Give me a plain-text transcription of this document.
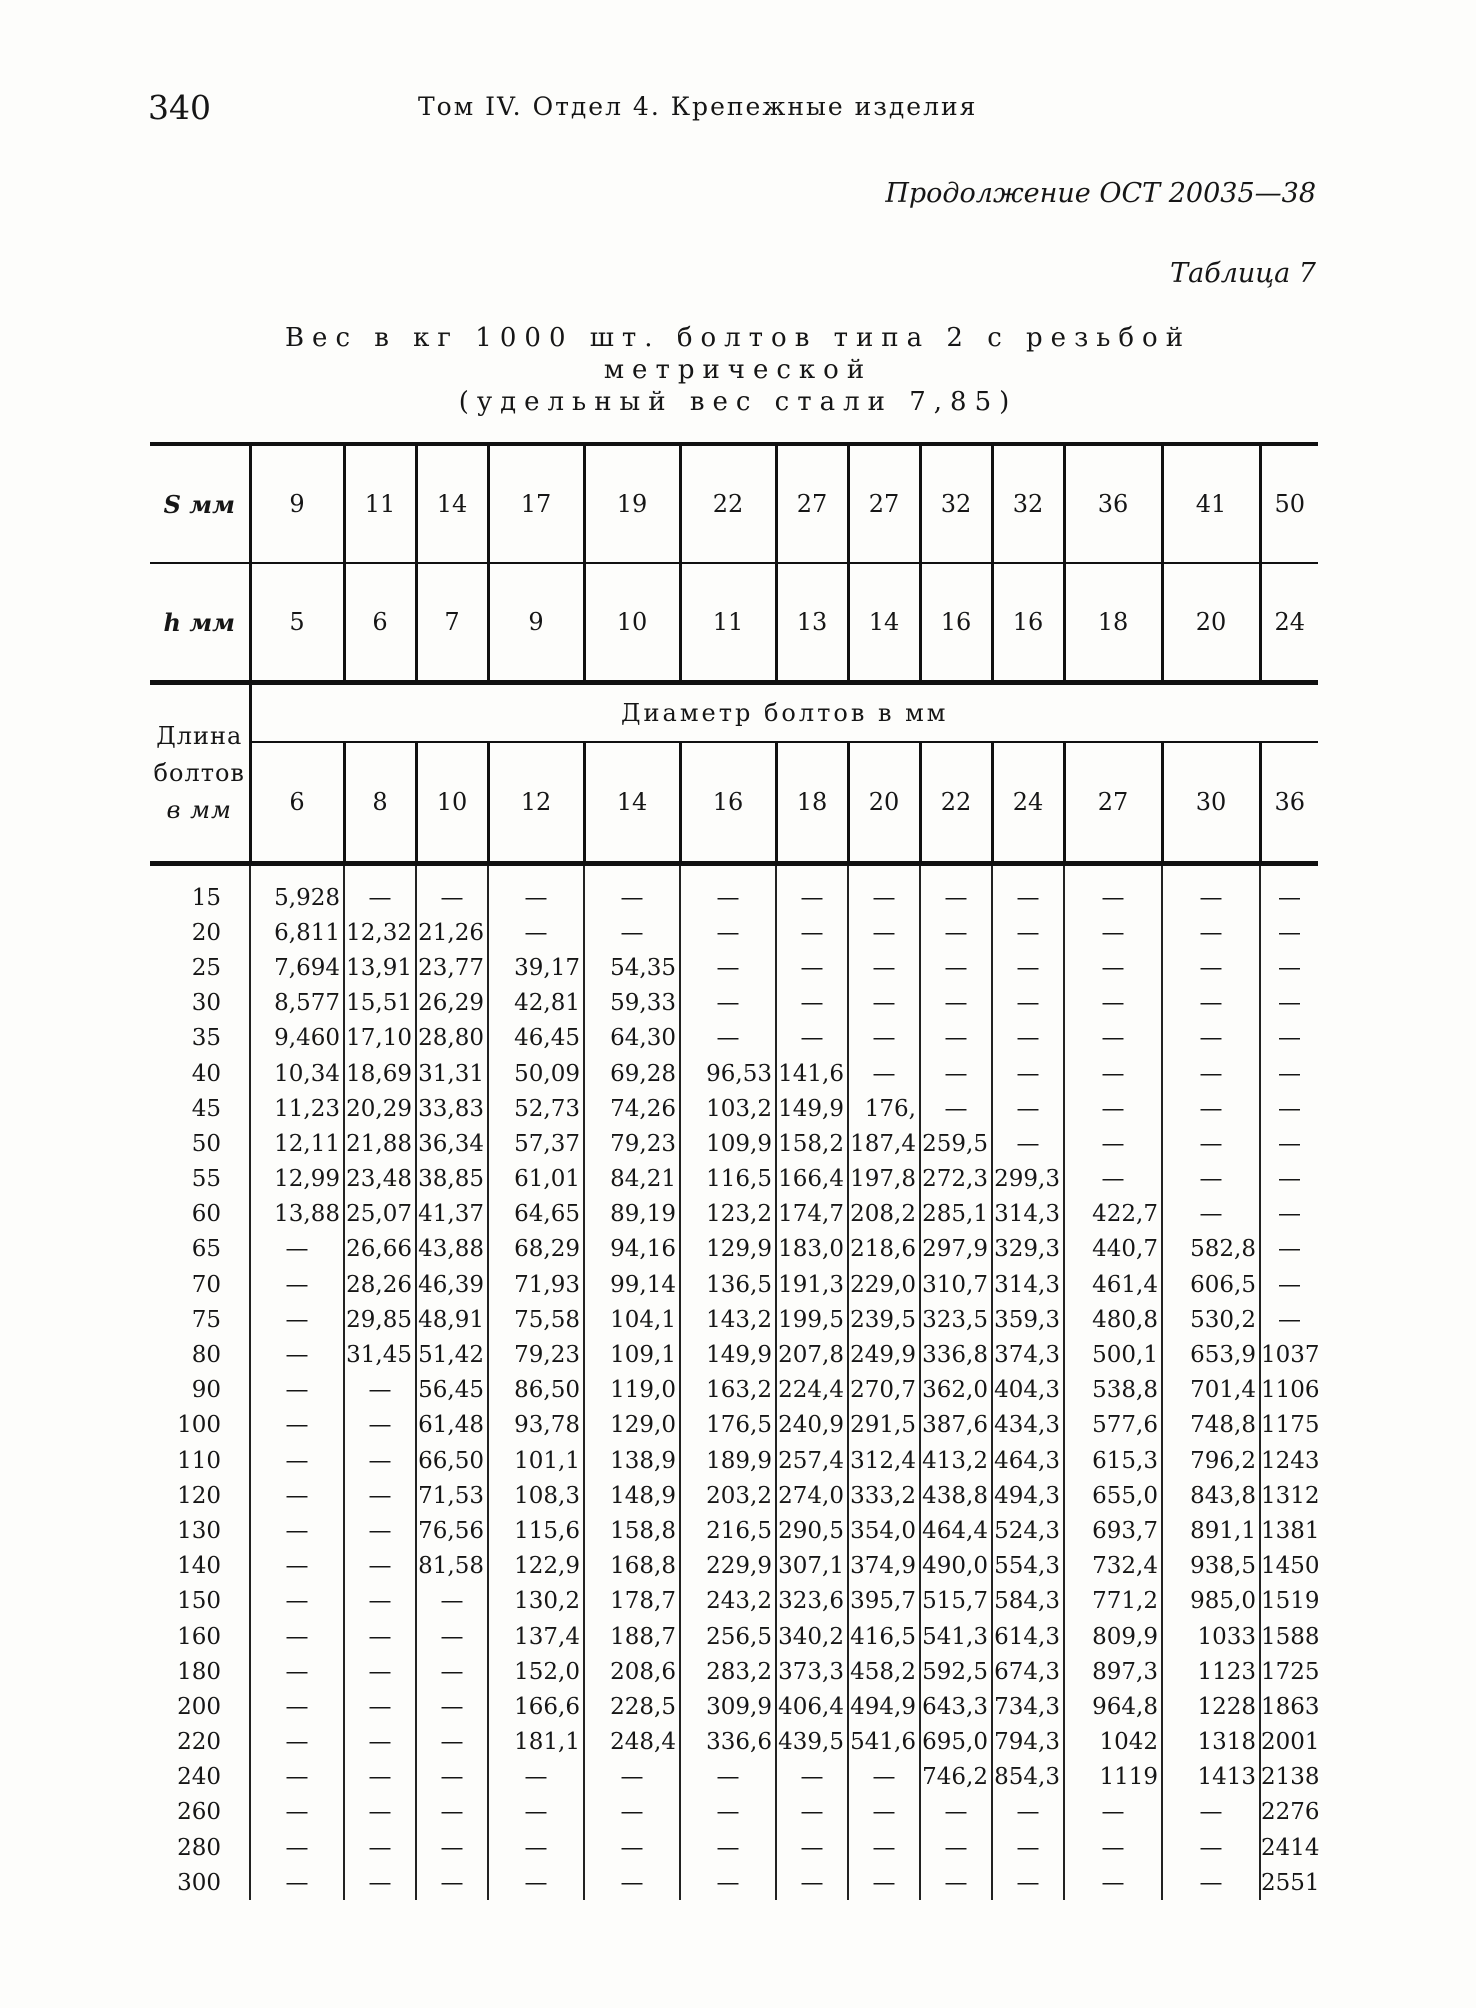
340	Том IV. Отдел 4. Крепежные изделия
Продолжение ОСТ 20035—38
Таблица 7
Вес в кг 1000 шт. болтов типа 2 с резьбой метрической
(удельный вес стали 7,85)

S мм	9	11	14	17	19	22	27	27	32	32	36	41	50
h мм	5	6	7	9	10	11	13	14	16	16	18	20	24

Длина
болтов
в мм	Диаметр болтов в мм												
	6	8	10	12	14	16	18	20	22	24	27	30	36
15	5,928	—	—	—	—	—	—	—	—	—	—	—	—
20	6,811	12,32	21,26	—	—	—	—	—	—	—	—	—	—
25	7,694	13,91	23,77	39,17	54,35	—	—	—	—	—	—	—	—
30	8,577	15,51	26,29	42,81	59,33	—	—	—	—	—	—	—	—
35	9,460	17,10	28,80	46,45	64,30	—	—	—	—	—	—	—	—
40	10,34	18,69	31,31	50,09	69,28	96,53	141,6	—	—	—	—	—	—
45	11,23	20,29	33,83	52,73	74,26	103,2	149,9	176,	—	—	—	—	—
50	12,11	21,88	36,34	57,37	79,23	109,9	158,2	187,4	259,5	—	—	—	—
55	12,99	23,48	38,85	61,01	84,21	116,5	166,4	197,8	272,3	299,3	—	—	—
60	13,88	25,07	41,37	64,65	89,19	123,2	174,7	208,2	285,1	314,3	422,7	—	—
65	—	26,66	43,88	68,29	94,16	129,9	183,0	218,6	297,9	329,3	440,7	582,8	—
70	—	28,26	46,39	71,93	99,14	136,5	191,3	229,0	310,7	314,3	461,4	606,5	—
75	—	29,85	48,91	75,58	104,1	143,2	199,5	239,5	323,5	359,3	480,8	530,2	—
80	—	31,45	51,42	79,23	109,1	149,9	207,8	249,9	336,8	374,3	500,1	653,9	1037
90	—	—	56,45	86,50	119,0	163,2	224,4	270,7	362,0	404,3	538,8	701,4	1106
100	—	—	61,48	93,78	129,0	176,5	240,9	291,5	387,6	434,3	577,6	748,8	1175
110	—	—	66,50	101,1	138,9	189,9	257,4	312,4	413,2	464,3	615,3	796,2	1243
120	—	—	71,53	108,3	148,9	203,2	274,0	333,2	438,8	494,3	655,0	843,8	1312
130	—	—	76,56	115,6	158,8	216,5	290,5	354,0	464,4	524,3	693,7	891,1	1381
140	—	—	81,58	122,9	168,8	229,9	307,1	374,9	490,0	554,3	732,4	938,5	1450
150	—	—	—	130,2	178,7	243,2	323,6	395,7	515,7	584,3	771,2	985,0	1519
160	—	—	—	137,4	188,7	256,5	340,2	416,5	541,3	614,3	809,9	1033	1588
180	—	—	—	152,0	208,6	283,2	373,3	458,2	592,5	674,3	897,3	1123	1725
200	—	—	—	166,6	228,5	309,9	406,4	494,9	643,3	734,3	964,8	1228	1863
220	—	—	—	181,1	248,4	336,6	439,5	541,6	695,0	794,3	1042	1318	2001
240	—	—	—	—	—	—	—	—	746,2	854,3	1119	1413	2138
260	—	—	—	—	—	—	—	—	—	—	—	—	2276
280	—	—	—	—	—	—	—	—	—	—	—	—	2414
300	—	—	—	—	—	—	—	—	—	—	—	—	2551
